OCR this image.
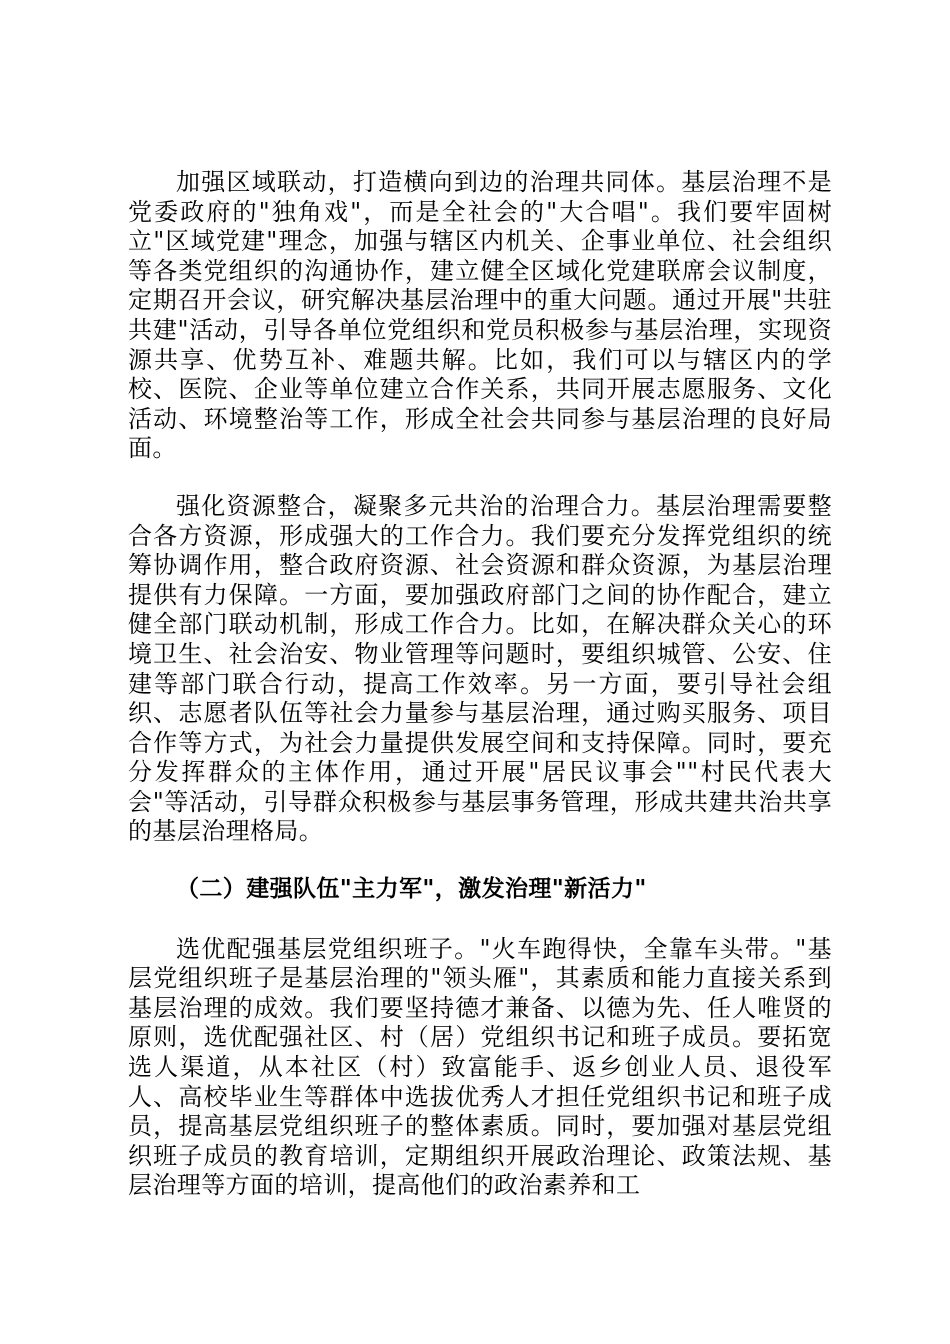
加强区域联动，打造横向到边的治理共同体。基层治理不是党委政府的"独角戏"，而是全社会的"大合唱"。我们要牢固树立"区域党建"理念，加强与辖区内机关、企事业单位、社会组织等各类党组织的沟通协作，建立健全区域化党建联席会议制度，定期召开会议，研究解决基层治理中的重大问题。通过开展"共驻共建"活动，引导各单位党组织和党员积极参与基层治理，实现资源共享、优势互补、难题共解。比如，我们可以与辖区内的学校、医院、企业等单位建立合作关系，共同开展志愿服务、文化活动、环境整治等工作，形成全社会共同参与基层治理的良好局面。

强化资源整合，凝聚多元共治的治理合力。基层治理需要整合各方资源，形成强大的工作合力。我们要充分发挥党组织的统筹协调作用，整合政府资源、社会资源和群众资源，为基层治理提供有力保障。一方面，要加强政府部门之间的协作配合，建立健全部门联动机制，形成工作合力。比如，在解决群众关心的环境卫生、社会治安、物业管理等问题时，要组织城管、公安、住建等部门联合行动，提高工作效率。另一方面，要引导社会组织、志愿者队伍等社会力量参与基层治理，通过购买服务、项目合作等方式，为社会力量提供发展空间和支持保障。同时，要充分发挥群众的主体作用，通过开展"居民议事会""村民代表大会"等活动，引导群众积极参与基层事务管理，形成共建共治共享的基层治理格局。

（二）建强队伍"主力军"，激发治理"新活力"

选优配强基层党组织班子。"火车跑得快，全靠车头带。"基层党组织班子是基层治理的"领头雁"，其素质和能力直接关系到基层治理的成效。我们要坚持德才兼备、以德为先、任人唯贤的原则，选优配强社区、村（居）党组织书记和班子成员。要拓宽选人渠道，从本社区（村）致富能手、返乡创业人员、退役军人、高校毕业生等群体中选拔优秀人才担任党组织书记和班子成员，提高基层党组织班子的整体素质。同时，要加强对基层党组织班子成员的教育培训，定期组织开展政治理论、政策法规、基层治理等方面的培训，提高他们的政治素养和工
